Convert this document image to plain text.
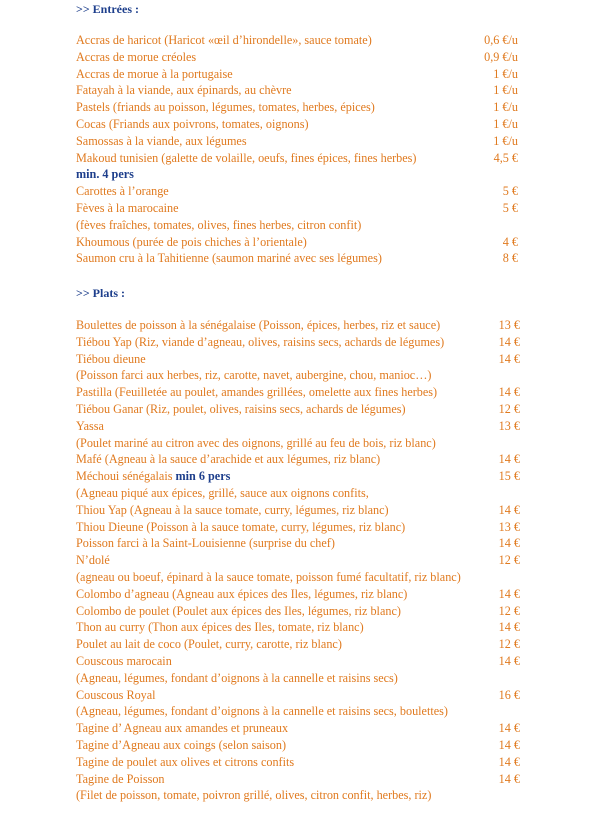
>> Entrées :
Accras de haricot (Haricot «œil d’hirondelle», sauce tomate)	0,6 €/u
Accras de morue créoles	0,9 €/u
Accras de morue à la portugaise	1 €/u
Fatayah à la viande, aux épinards, au chèvre	1 €/u
Pastels (friands au poisson, légumes, tomates, herbes, épices)	1 €/u
Cocas (Friands aux poivrons, tomates, oignons)	1 €/u
Samossas à la viande, aux légumes	1 €/u
Makoud tunisien (galette de volaille, oeufs, fines épices, fines herbes)	4,5 €
min. 4 pers
Carottes à l’orange	5 €
Fèves à la marocaine	5 €
(fèves fraîches, tomates, olives, fines herbes, citron confit)
Khoumous (purée de pois chiches à l’orientale)	4 €
Saumon cru à la Tahitienne (saumon mariné avec ses légumes)	8 €
>> Plats :
Boulettes de poisson à la sénégalaise (Poisson, épices, herbes, riz et sauce)	13 €
Tiébou Yap (Riz, viande d’agneau, olives, raisins secs, achards de légumes)	14 €
Tiébou dieune	14 €
(Poisson farci aux herbes, riz, carotte, navet, aubergine, chou, manioc…)
Pastilla (Feuilletée au poulet, amandes grillées, omelette aux fines herbes)	14 €
Tiébou Ganar (Riz, poulet, olives, raisins secs, achards de légumes)	12 €
Yassa	13 €
(Poulet mariné au citron avec des oignons, grillé au feu de bois, riz blanc)
Mafé (Agneau à la sauce d’arachide et aux légumes, riz blanc)	14 €
Méchoui sénégalais min 6 pers	15 €
(Agneau piqué aux épices, grillé, sauce aux oignons confits,
Thiou Yap (Agneau à la sauce tomate, curry, légumes, riz blanc)	14 €
Thiou Dieune (Poisson à la sauce tomate, curry, légumes, riz blanc)	13 €
Poisson farci à la Saint-Louisienne (surprise du chef)	14 €
N’dolé	12 €
(agneau ou boeuf, épinard à la sauce tomate, poisson fumé facultatif, riz blanc)
Colombo d’agneau (Agneau aux épices des Iles, légumes, riz blanc)	14 €
Colombo de poulet (Poulet aux épices des Iles, légumes, riz blanc)	12 €
Thon au curry (Thon aux épices des Iles, tomate, riz blanc)	14 €
Poulet au lait de coco (Poulet, curry, carotte, riz blanc)	12 €
Couscous marocain	14 €
(Agneau, légumes, fondant d’oignons à la cannelle et raisins secs)
Couscous Royal	16 €
(Agneau, légumes, fondant d’oignons à la cannelle et raisins secs, boulettes)
Tagine d’ Agneau aux amandes et pruneaux	14 €
Tagine d’Agneau aux coings (selon saison)	14 €
Tagine de poulet aux olives et citrons confits	14 €
Tagine de Poisson	14 €
(Filet de poisson, tomate, poivron grillé, olives, citron confit, herbes, riz)
